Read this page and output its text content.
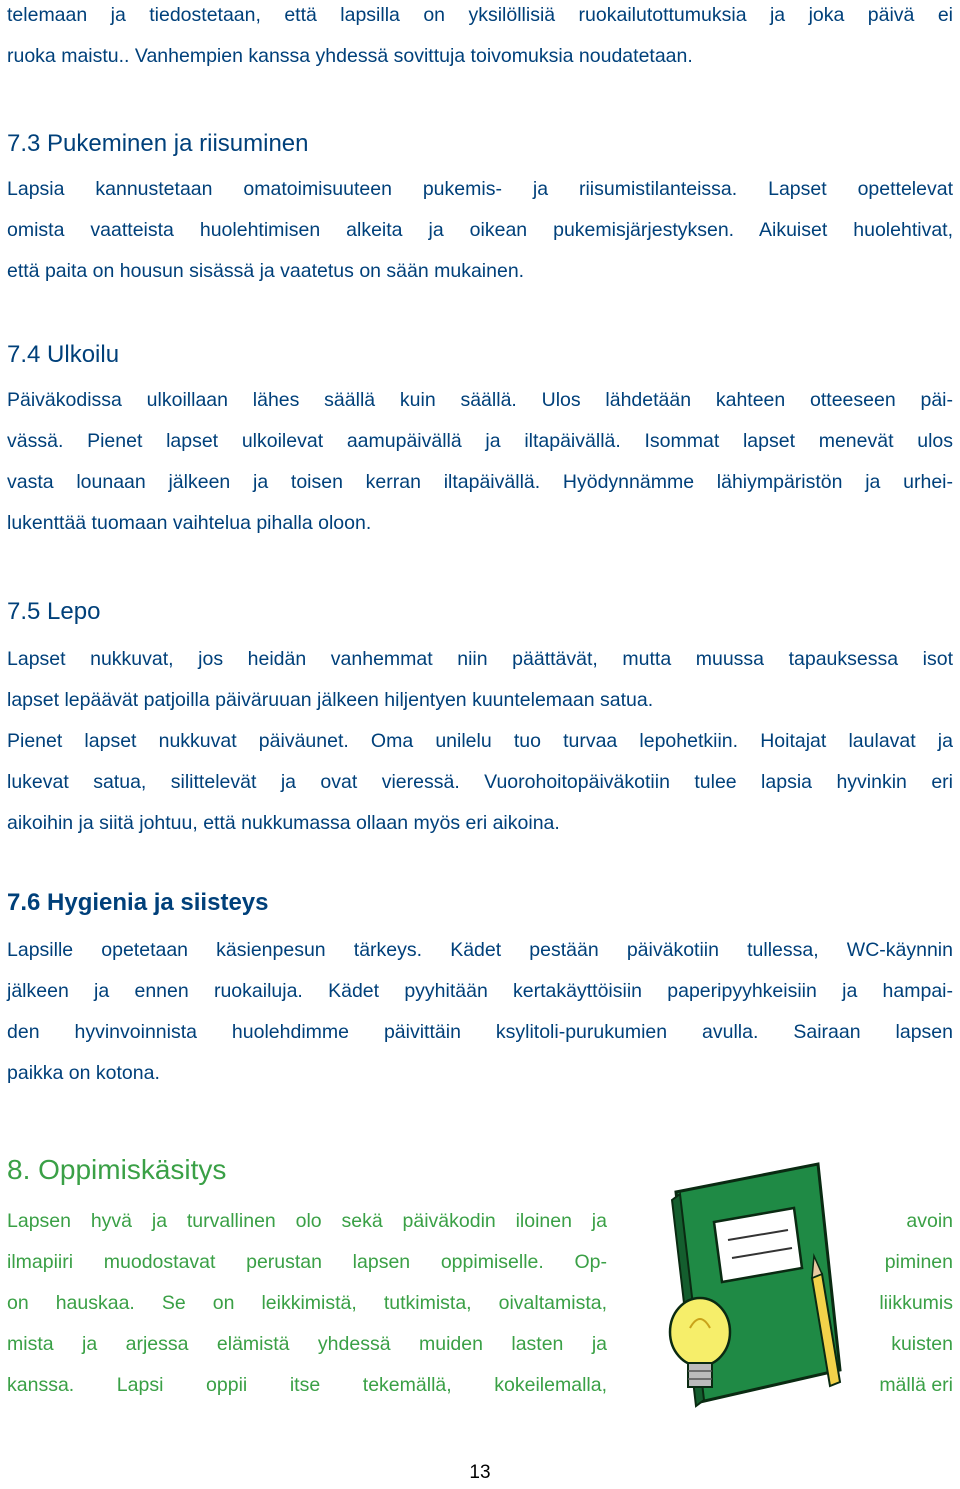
telemaan ja tiedostetaan, että lapsilla on yksilöllisiä ruokailutottumuksia ja joka päivä ei
ruoka maistu.. Vanhempien kanssa yhdessä sovittuja toivomuksia noudatetaan.
7.3 Pukeminen ja riisuminen
Lapsia kannustetaan omatoimisuuteen pukemis- ja riisumistilanteissa. Lapset opettelevat
omista vaatteista huolehtimisen alkeita ja oikean pukemisjärjestyksen. Aikuiset huolehtivat,
että paita on housun sisässä ja vaatetus on sään mukainen.
7.4 Ulkoilu
Päiväkodissa ulkoillaan lähes säällä kuin säällä. Ulos lähdetään kahteen otteeseen päi-
vässä. Pienet lapset ulkoilevat aamupäivällä ja iltapäivällä. Isommat lapset menevät ulos
vasta lounaan jälkeen ja toisen kerran iltapäivällä. Hyödynnämme lähiympäristön ja urhei-
lukenttää tuomaan vaihtelua pihalla oloon.
7.5 Lepo
Lapset nukkuvat, jos heidän vanhemmat niin päättävät, mutta muussa tapauksessa isot
lapset lepäävät patjoilla päiväruuan jälkeen hiljentyen kuuntelemaan satua.
Pienet lapset nukkuvat päiväunet. Oma unilelu tuo turvaa lepohetkiin. Hoitajat laulavat ja
lukevat satua, silittelevät ja ovat vieressä. Vuorohoitopäiväkotiin tulee lapsia hyvinkin eri
aikoihin ja siitä johtuu, että nukkumassa ollaan myös eri aikoina.
7.6 Hygienia ja siisteys
Lapsille opetetaan käsienpesun tärkeys. Kädet pestään päiväkotiin tullessa, WC-käynnin
jälkeen ja ennen ruokailuja. Kädet pyyhitään kertakäyttöisiin paperipyyhkeisiin ja hampai-
den hyvinvoinnista huolehdimme päivittäin ksylitoli-purukumien avulla. Sairaan lapsen
paikka on kotona.
8. Oppimiskäsitys
Lapsen hyvä ja turvallinen olo sekä päiväkodin iloinen ja
ilmapiiri muodostavat perustan lapsen oppimiselle. Op-
on hauskaa. Se on leikkimistä, tutkimista, oivaltamista,
mista ja arjessa elämistä yhdessä muiden lasten ja
kanssa. Lapsi oppii itse tekemällä, kokeilemalla,
avoin
piminen
liikkumis
kuisten
mällä eri
13
